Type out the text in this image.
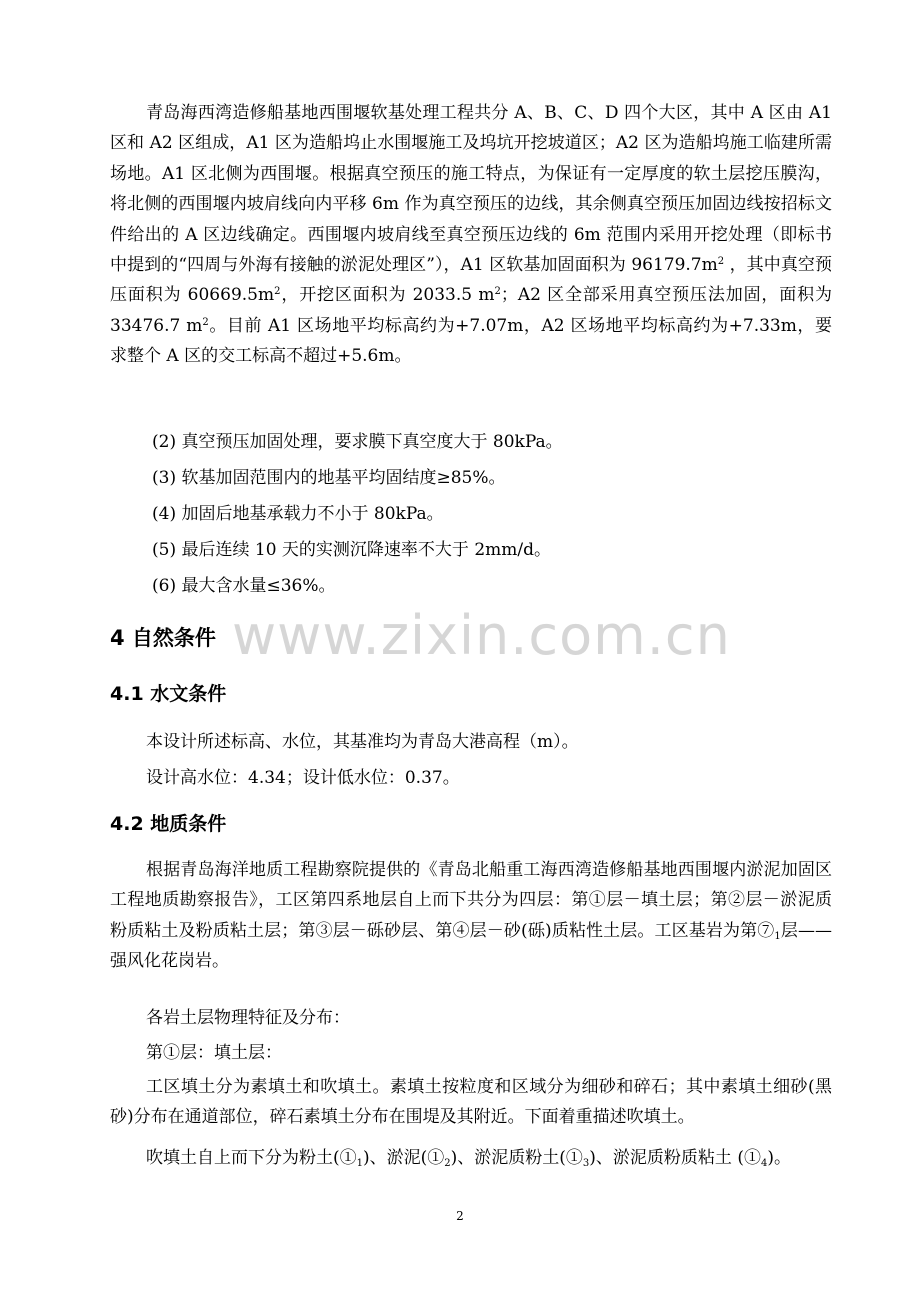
www.zixin.com.cn

青岛海西湾造修船基地西围堰软基处理工程共分 A、B、C、D 四个大区，其中 A 区由 A1 区和 A2 区组成，A1 区为造船坞止水围堰施工及坞坑开挖坡道区；A2 区为造船坞施工临建所需场地。A1 区北侧为西围堰。根据真空预压的施工特点，为保证有一定厚度的软土层挖压膜沟，将北侧的西围堰内坡肩线向内平移 6m 作为真空预压的边线，其余侧真空预压加固边线按招标文件给出的 A 区边线确定。西围堰内坡肩线至真空预压边线的 6m 范围内采用开挖处理（即标书中提到的“四周与外海有接触的淤泥处理区”），A1 区软基加固面积为 $96179.7m^2$ ，其中真空预压面积为 $60669.5m^2$，开挖区面积为 2033.5 $m^2$；A2 区全部采用真空预压法加固，面积为 33476.7 $m^2$。目前 A1 区场地平均标高约为+7.07m，A2 区场地平均标高约为+7.33m，要求整个 A 区的交工标高不超过+5.6m。

(2) 真空预压加固处理，要求膜下真空度大于 80kPa。

(3) 软基加固范围内的地基平均固结度≥85%。

(4) 加固后地基承载力不小于 80kPa。

(5) 最后连续 10 天的实测沉降速率不大于 2mm/d。

(6) 最大含水量≤36%。

4 自然条件
4.1 水文条件

本设计所述标高、水位，其基准均为青岛大港高程（m）。

设计高水位：4.34；设计低水位：0.37。

4.2 地质条件

根据青岛海洋地质工程勘察院提供的《青岛北船重工海西湾造修船基地西围堰内淤泥加固区工程地质勘察报告》，工区第四系地层自上而下共分为四层：第①层－填土层；第②层－淤泥质粉质粘土及粉质粘土层；第③层－砾砂层、第④层－砂(砾)质粘性土层。工区基岩为第$⑦_1$层——强风化花岗岩。

各岩土层物理特征及分布：

第①层：填土层：

工区填土分为素填土和吹填土。素填土按粒度和区域分为细砂和碎石；其中素填土细砂(黑砂)分布在通道部位，碎石素填土分布在围堤及其附近。下面着重描述吹填土。

吹填土自上而下分为粉土$(①_1)$、淤泥$(①_2)$、淤泥质粉土$(①_3)$、淤泥质粉质粘土 $(①_4)$。

2
